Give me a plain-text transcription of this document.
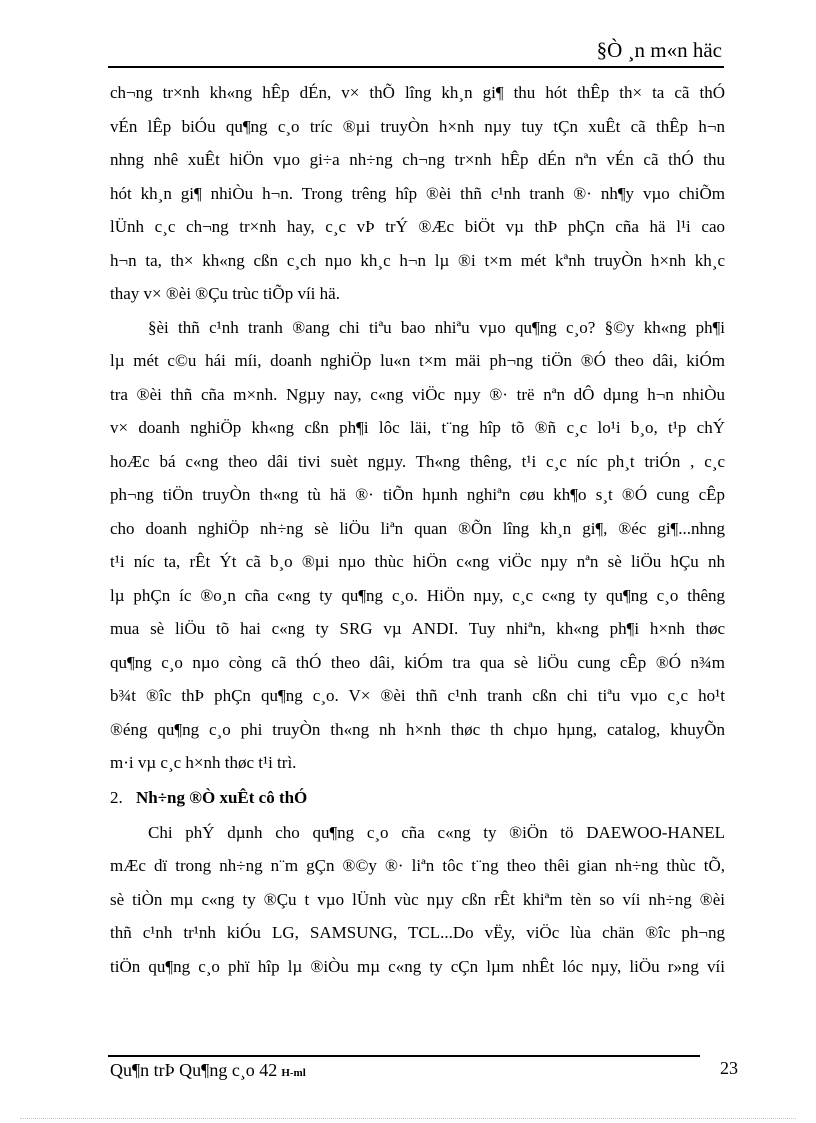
§Ò ¸n m«n häc
ch¬ng tr×nh kh«ng hÊp dÉn, v× thÕ lîng kh¸n gi¶ thu hót thÊp th× ta cã thÓ
vÉn lÊp biÓu qu¶ng c¸o tríc ®µi truyÒn h×nh nµy tuy tÇn xuÊt cã thÊp h¬n
nhng nhê xuÊt hiÖn vµo gi÷a nh÷ng ch¬ng tr×nh hÊp dÉn nªn vÉn cã thÓ thu
hót kh¸n gi¶ nhiÒu h¬n. Trong trêng hîp ®èi thñ c¹nh tranh ®· nh¶y vµo chiÕm
lÜnh c¸c ch¬ng tr×nh hay, c¸c vÞ trÝ ®Æc biÖt vµ thÞ phÇn cña hä l¹i cao
h¬n ta, th× kh«ng cßn c¸ch nµo kh¸c h¬n lµ ®i t×m mét kªnh truyÒn h×nh kh¸c
thay v× ®èi ®Çu trùc tiÕp víi hä.
§èi thñ c¹nh tranh ®ang chi tiªu bao nhiªu vµo qu¶ng c¸o? §©y kh«ng ph¶i
lµ mét c©u hái míi, doanh nghiÖp lu«n t×m mäi ph¬ng tiÖn ®Ó theo dâi, kiÓm
tra ®èi thñ cña m×nh. Ngµy nay, c«ng viÖc nµy ®· trë nªn dÔ dµng h¬n nhiÒu
v× doanh nghiÖp kh«ng cßn ph¶i lôc läi, t¨ng hîp tõ ®ñ c¸c lo¹i b¸o, t¹p chÝ
hoÆc bá c«ng theo dâi tivi suèt ngµy. Th«ng thêng, t¹i c¸c níc ph¸t triÓn , c¸c
ph¬ng tiÖn truyÒn th«ng tù hä ®· tiÕn hµnh nghiªn cøu kh¶o s¸t ®Ó cung cÊp
cho doanh nghiÖp nh÷ng sè liÖu liªn quan ®Õn lîng kh¸n gi¶, ®éc gi¶...nhng
t¹i níc ta, rÊt Ýt cã b¸o ®µi nµo thùc hiÖn c«ng viÖc nµy nªn sè liÖu hÇu nh
lµ phÇn íc ®o¸n cña c«ng ty qu¶ng c¸o. HiÖn nµy, c¸c c«ng ty qu¶ng c¸o thêng
mua sè liÖu tõ hai c«ng ty SRG vµ ANDI. Tuy nhiªn, kh«ng ph¶i h×nh thøc
qu¶ng c¸o nµo còng cã thÓ theo dâi, kiÓm tra qua sè liÖu cung cÊp ®Ó n¾m
b¾t ®îc thÞ phÇn qu¶ng c¸o. V× ®èi thñ c¹nh tranh cßn chi tiªu vµo c¸c ho¹t
®éng qu¶ng c¸o phi truyÒn th«ng nh h×nh thøc th chµo hµng, catalog, khuyÕn
m·i vµ c¸c h×nh thøc t¹i trì.
2. Nh÷ng ®Ò xuÊt cô thÓ
Chi phÝ dµnh cho qu¶ng c¸o cña c«ng ty ®iÖn tö DAEWOO-HANEL
mÆc dï trong nh÷ng n¨m gÇn ®©y ®· liªn tôc t¨ng theo thêi gian nh÷ng thùc tÕ,
sè tiÒn mµ c«ng ty ®Çu t vµo lÜnh vùc nµy cßn rÊt khiªm tèn so víi nh÷ng ®èi
thñ c¹nh tr¹nh kiÓu LG, SAMSUNG, TCL...Do vËy, viÖc lùa chän ®îc ph¬ng
tiÖn qu¶ng c¸o phï hîp lµ ®iÒu mµ c«ng ty cÇn lµm nhÊt lóc nµy, liÖu r»ng víi
Qu¶n trÞ Qu¶ng c¸o 42 H-ml	23
